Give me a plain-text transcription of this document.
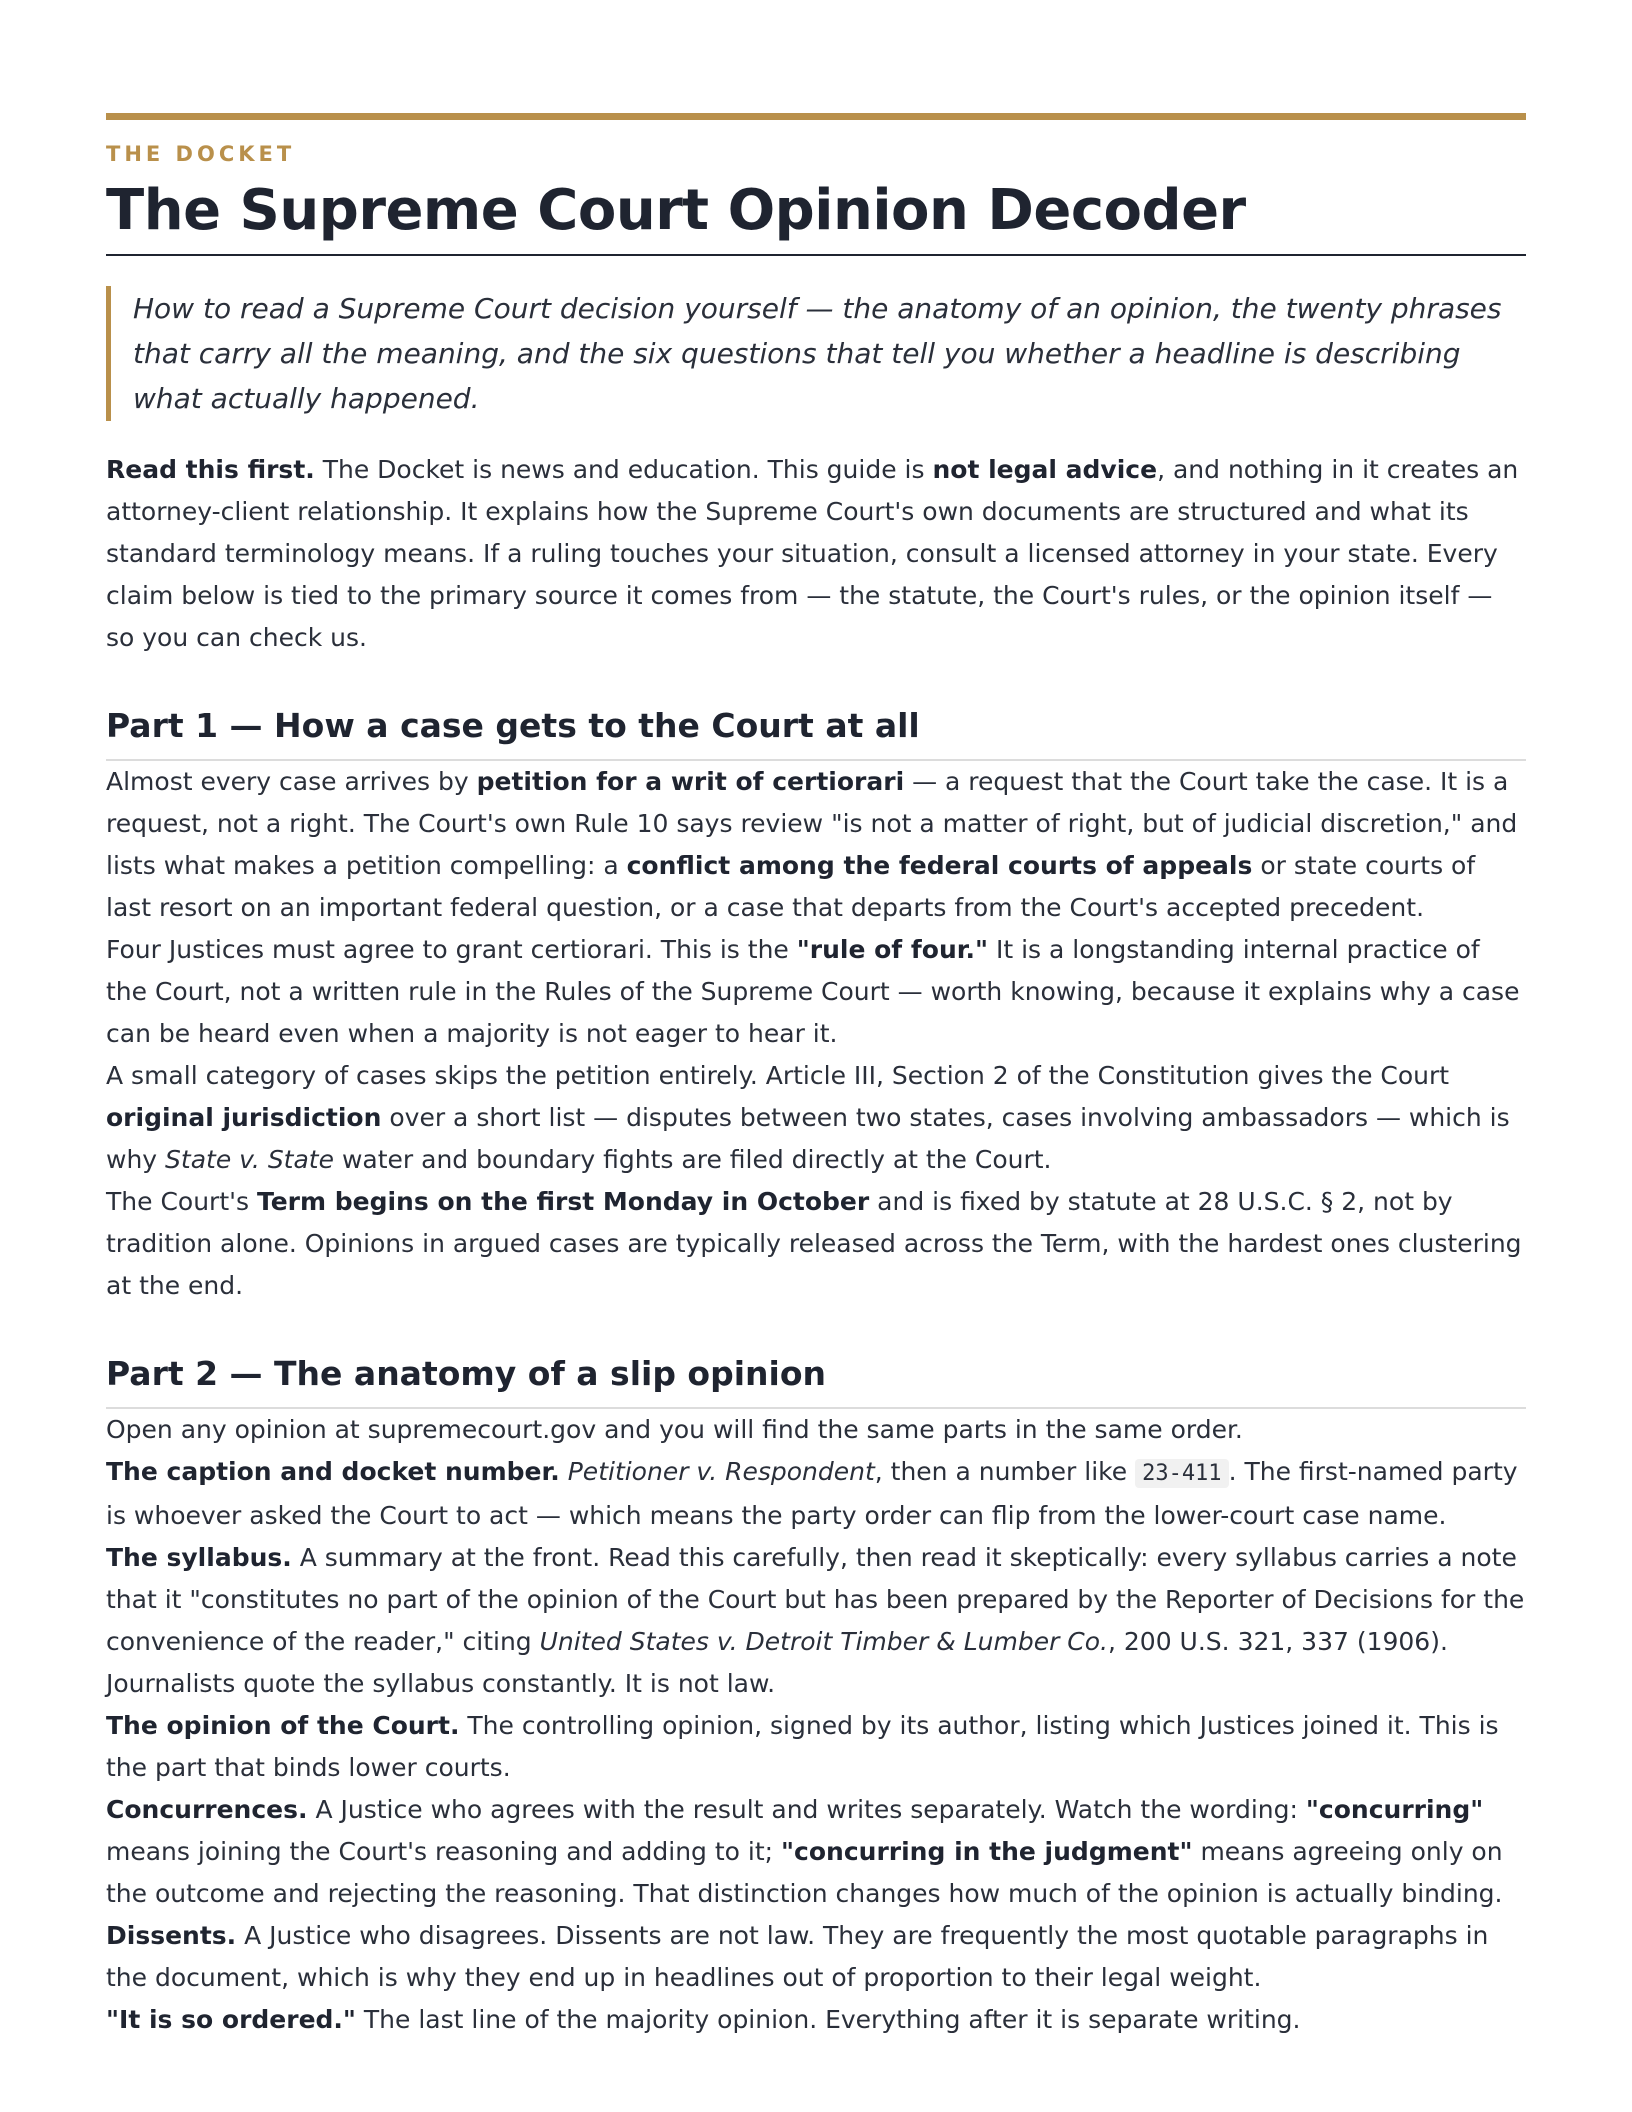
THE DOCKET
The Supreme Court Opinion Decoder
How to read a Supreme Court decision yourself — the anatomy of an opinion, the twenty phrases that carry all the meaning, and the six questions that tell you whether a headline is describing what actually happened.

Read this first. The Docket is news and education. This guide is not legal advice, and nothing in it creates an attorney-client relationship. It explains how the Supreme Court's own documents are structured and what its standard terminology means. If a ruling touches your situation, consult a licensed attorney in your state. Every claim below is tied to the primary source it comes from — the statute, the Court's rules, or the opinion itself — so you can check us.

Part 1 — How a case gets to the Court at all

Almost every case arrives by petition for a writ of certiorari — a request that the Court take the case. It is a request, not a right. The Court's own Rule 10 says review "is not a matter of right, but of judicial discretion," and lists what makes a petition compelling: a conflict among the federal courts of appeals or state courts of last resort on an important federal question, or a case that departs from the Court's accepted precedent.

Four Justices must agree to grant certiorari. This is the "rule of four." It is a longstanding internal practice of the Court, not a written rule in the Rules of the Supreme Court — worth knowing, because it explains why a case can be heard even when a majority is not eager to hear it.

A small category of cases skips the petition entirely. Article III, Section 2 of the Constitution gives the Court original jurisdiction over a short list — disputes between two states, cases involving ambassadors — which is why State v. State water and boundary fights are filed directly at the Court.

The Court's Term begins on the first Monday in October and is fixed by statute at 28 U.S.C. § 2, not by tradition alone. Opinions in argued cases are typically released across the Term, with the hardest ones clustering at the end.

Part 2 — The anatomy of a slip opinion

Open any opinion at supremecourt.gov and you will find the same parts in the same order.

The caption and docket number. Petitioner v. Respondent, then a number like 23-411 . The first-named party is whoever asked the Court to act — which means the party order can flip from the lower-court case name.

The syllabus. A summary at the front. Read this carefully, then read it skeptically: every syllabus carries a note that it "constitutes no part of the opinion of the Court but has been prepared by the Reporter of Decisions for the convenience of the reader," citing United States v. Detroit Timber & Lumber Co., 200 U.S. 321, 337 (1906). Journalists quote the syllabus constantly. It is not law.

The opinion of the Court. The controlling opinion, signed by its author, listing which Justices joined it. This is the part that binds lower courts.

Concurrences. A Justice who agrees with the result and writes separately. Watch the wording: "concurring" means joining the Court's reasoning and adding to it; "concurring in the judgment" means agreeing only on the outcome and rejecting the reasoning. That distinction changes how much of the opinion is actually binding.

Dissents. A Justice who disagrees. Dissents are not law. They are frequently the most quotable paragraphs in the document, which is why they end up in headlines out of proportion to their legal weight.

"It is so ordered." The last line of the majority opinion. Everything after it is separate writing.
